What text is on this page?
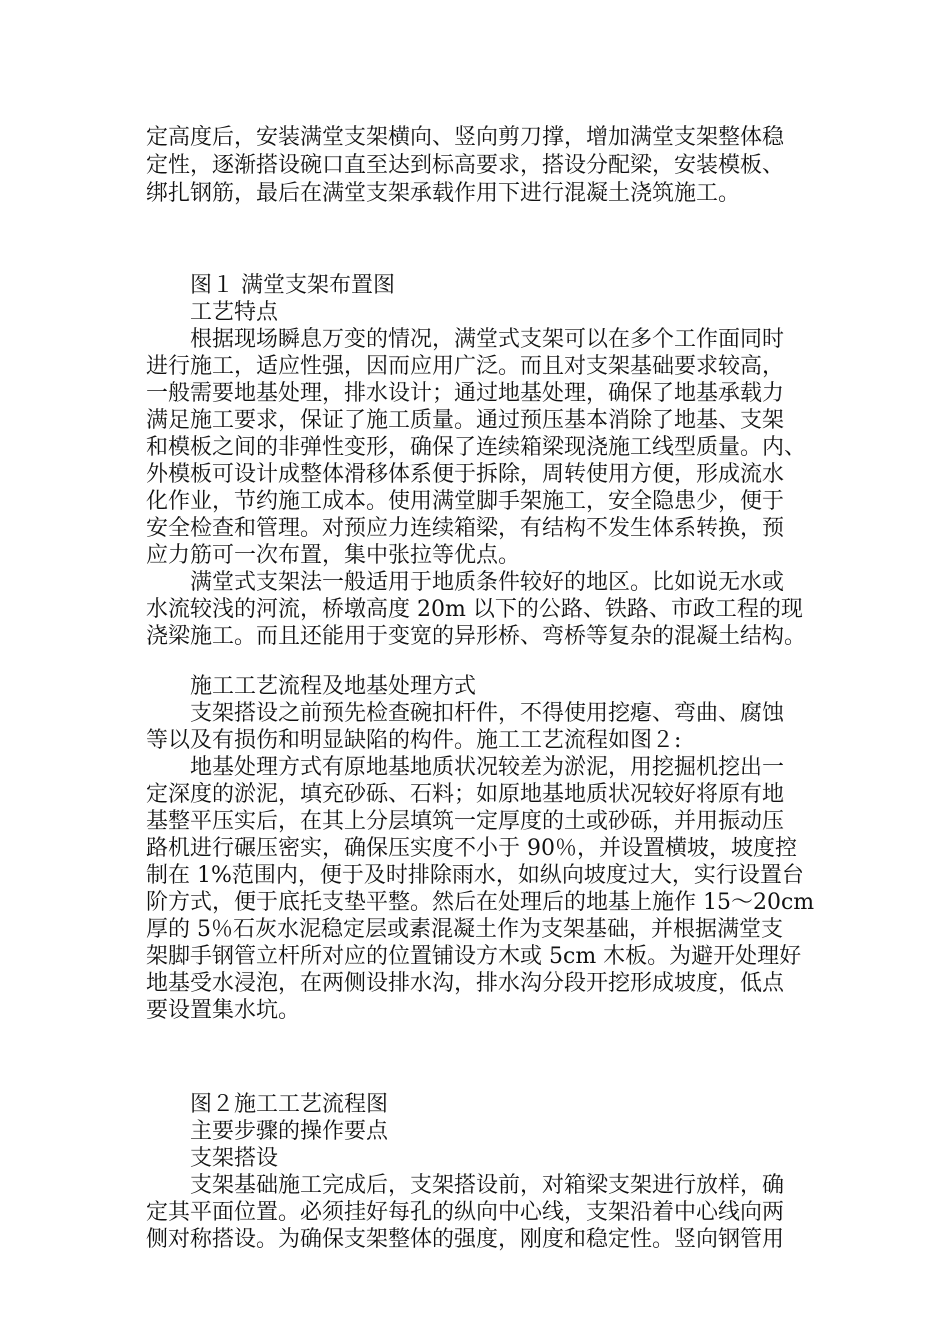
定高度后，安装满堂支架横向、竖向剪刀撑，增加满堂支架整体稳
定性，逐渐搭设碗口直至达到标高要求，搭设分配梁，安装模板、
绑扎钢筋，最后在满堂支架承载作用下进行混凝土浇筑施工。
图１ 满堂支架布置图
工艺特点
根据现场瞬息万变的情况，满堂式支架可以在多个工作面同时
进行施工，适应性强，因而应用广泛。而且对支架基础要求较高，
一般需要地基处理，排水设计；通过地基处理，确保了地基承载力
满足施工要求，保证了施工质量。通过预压基本消除了地基、支架
和模板之间的非弹性变形，确保了连续箱梁现浇施工线型质量。内、
外模板可设计成整体滑移体系便于拆除，周转使用方便，形成流水
化作业，节约施工成本。使用满堂脚手架施工，安全隐患少，便于
安全检查和管理。对预应力连续箱梁，有结构不发生体系转换，预
应力筋可一次布置，集中张拉等优点。
满堂式支架法一般适用于地质条件较好的地区。比如说无水或
水流较浅的河流，桥墩高度 20m 以下的公路、铁路、市政工程的现
浇梁施工。而且还能用于变宽的异形桥、弯桥等复杂的混凝土结构。
施工工艺流程及地基处理方式
支架搭设之前预先检查碗扣杆件，不得使用挖瘪、弯曲、腐蚀
等以及有损伤和明显缺陷的构件。施工工艺流程如图２:
地基处理方式有原地基地质状况较差为淤泥，用挖掘机挖出一
定深度的淤泥，填充砂砾、石料；如原地基地质状况较好将原有地
基整平压实后，在其上分层填筑一定厚度的土或砂砾，并用振动压
路机进行碾压密实，确保压实度不小于 90％，并设置横坡，坡度控
制在 1%范围内，便于及时排除雨水，如纵向坡度过大，实行设置台
阶方式，便于底托支垫平整。然后在处理后的地基上施作 15～20cm
厚的 5％石灰水泥稳定层或素混凝土作为支架基础，并根据满堂支
架脚手钢管立杆所对应的位置铺设方木或 5cm 木板。为避开处理好
地基受水浸泡，在两侧设排水沟，排水沟分段开挖形成坡度，低点
要设置集水坑。
图２施工工艺流程图
主要步骤的操作要点
支架搭设
支架基础施工完成后，支架搭设前，对箱梁支架进行放样，确
定其平面位置。必须挂好每孔的纵向中心线，支架沿着中心线向两
侧对称搭设。为确保支架整体的强度，刚度和稳定性。竖向钢管用
